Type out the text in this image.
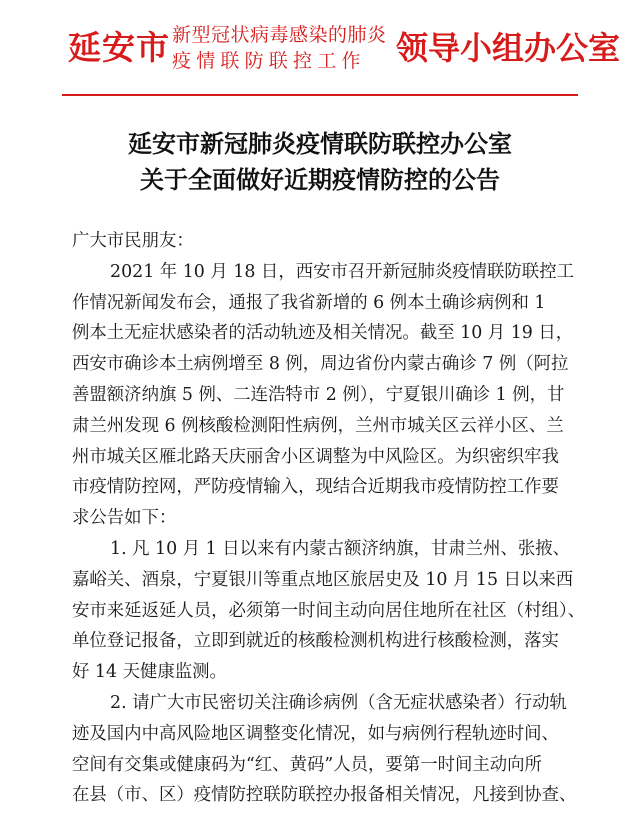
延安市 新型冠状病毒感染的肺炎
疫情联防联控工作 领导小组办公室
延安市新冠肺炎疫情联防联控办公室
关于全面做好近期疫情防控的公告
广大市民朋友：
2021 年 10 月 18 日，西安市召开新冠肺炎疫情联防联控工
作情况新闻发布会，通报了我省新增的 6 例本土确诊病例和 1
例本土无症状感染者的活动轨迹及相关情况。截至 10 月 19 日，
西安市确诊本土病例增至 8 例，周边省份内蒙古确诊 7 例（阿拉
善盟额济纳旗 5 例、二连浩特市 2 例），宁夏银川确诊 1 例，甘
肃兰州发现 6 例核酸检测阳性病例，兰州市城关区云祥小区、兰
州市城关区雁北路天庆丽舍小区调整为中风险区。为织密织牢我
市疫情防控网，严防疫情输入，现结合近期我市疫情防控工作要
求公告如下：
1. 凡 10 月 1 日以来有内蒙古额济纳旗，甘肃兰州、张掖、
嘉峪关、酒泉，宁夏银川等重点地区旅居史及 10 月 15 日以来西
安市来延返延人员，必须第一时间主动向居住地所在社区（村组）、
单位登记报备，立即到就近的核酸检测机构进行核酸检测，落实
好 14 天健康监测。
2. 请广大市民密切关注确诊病例（含无症状感染者）行动轨
迹及国内中高风险地区调整变化情况，如与病例行程轨迹时间、
空间有交集或健康码为“红、黄码”人员，要第一时间主动向所
在县（市、区）疫情防控联防联控办报备相关情况，凡接到协查、
